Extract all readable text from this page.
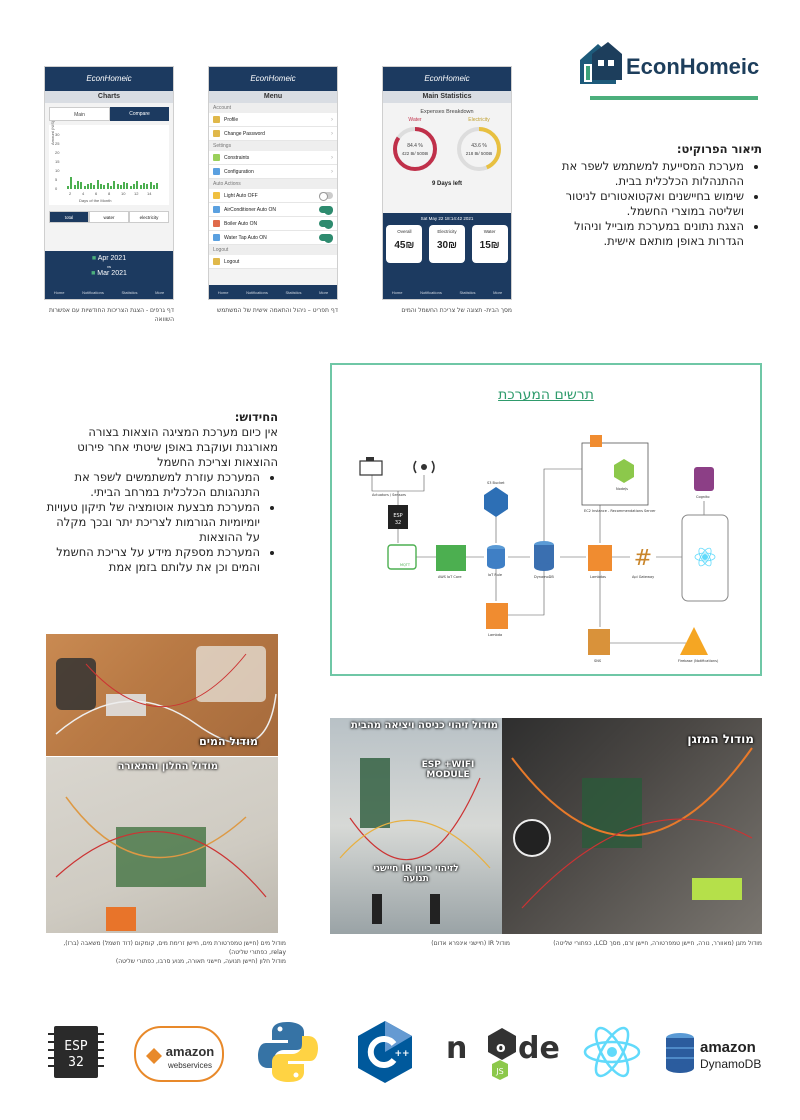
EconHomeic
תיאור הפרוקיט:
• מערכת המסייעת למשתמש לשפר את ההתנהלות הכלכלית בבית.
• שימוש בחיישנים ואקטואטורים לניטור ושליטה במוצרי החשמל.
• הצגת נתונים במערכת מובייל וניהול הגדרות באופן מותאם אישית.
EconHomeic
Charts
Main	Compare
Amount (NIS)
Days of the Month
0
5
10
15
20
25
30
2	4	6	8	10 12 14
total	water	electricity
■ Apr 2021
vs
■ Mar 2021
Home	Notifications	Statistics	More
דף גרפים - הצגת הצריכות החודשיות עם אפשרות השוואה
EconHomeic
Menu
Account
Profile	›
Change Password	›
Settings
Constraints	›
Configuration	›
Auto Actions
Light Auto OFF
AirConditioner Auto ON
Boiler Auto ON
Water Tap Auto ON
Logout
Logout
Home	Notifications	Statistics	More
דף תפריט – ניהול והתאמה אישית של המשתמש
EconHomeic
Main Statistics
Expenses Breakdown
Water
84.4 %
422 ₪/ 500₪
Electricity
43.6 %
218 ₪/ 500₪
9 Days left
Sat May 22 18:14:42 2021
Overall
45₪
Electricity
30₪
Water
15₪
Home	Notifications	Statistics	More
מסך הבית- תצוגה של צריכת החשמל והמים
החידוש:

אין כיום מערכת המציגה הוצאות בצורה מאורגנת ועוקבת באופן שיטתי אחר פירוט ההוצאות וצריכת החשמל

• המערכת עוזרת למשתמשים לשפר את התנהגותם הכלכלית במרחב הביתי.
• המערכת מבצעת אוטומציה של תיקון טעויות יומיומיות הגורמות לצריכת יתר ובכך מקלה על ההוצאות
• המערכת מספקת מידע על צריכת החשמל והמים וכן את עלותם בזמן אמת
תרשים המערכת
ESP
32
#
Actuators / Sensors
MQTT
AWS IoT Core
S3 Bucket
IoT Rule	DynamoDB
EC2 Instance - Recommendations Server
NodeJs
Lambdas	Api Gateway
Cognito
Lambda
SNS	Firebase (Notifications)
מודול המים
מודול החלון והתאורה
מודול זיהוי כניסה ויציאה מהבית
ESP +WIFI MODULE
חיישני IR לזיהוי כיוון תנועה
מודול המזגן
מודול מים (חיישן טמפרטורת מים, חיישן זרימת מים, קומקום (דוד חשמל) משאבה (ברז),
relay, כפתורי שליטה)
מודול חלון (חיישן תנועה, חיישני תאורה, מנוע סרבו, כפתורי שליטה)
מודול IR (חיישני אינפרא אדום)	מודול מזגן (מאוורר, נורה, חיישן טמפרטורה, חיישן זרם, מסך LCD, כפתורי שליטה)
ESP
32
amazon
webservices
++ n o de
JS
amazon
DynamoDB
